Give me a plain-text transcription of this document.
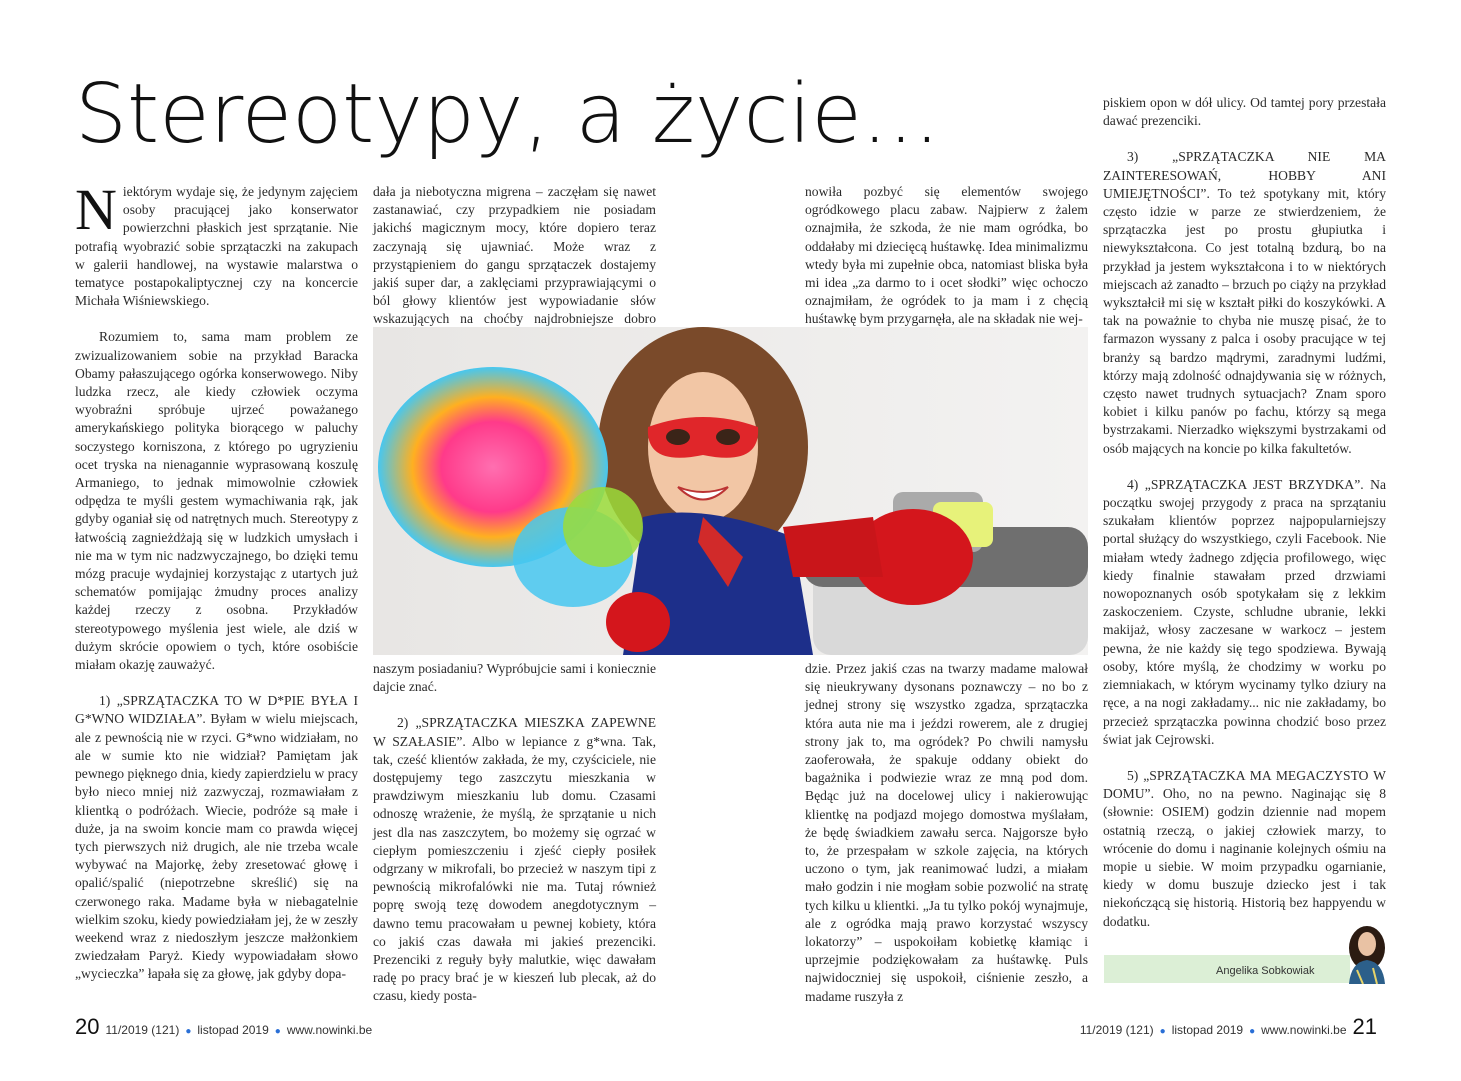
Stereotypy, a życie...

Niektórym wydaje się, że jedynym zajęciem osoby pracującej jako konserwator powierzchni płaskich jest sprzątanie. Nie potrafią wyobrazić sobie sprzątaczki na zakupach w galerii handlowej, na wystawie malarstwa o tematyce postapokaliptycznej czy na koncercie Michała Wiśniewskiego.

Rozumiem to, sama mam problem ze zwizualizowaniem sobie na przykład Baracka Obamy pałaszującego ogórka konserwowego. Niby ludzka rzecz, ale kiedy człowiek oczyma wyobraźni spróbuje ujrzeć poważanego amerykańskiego polityka biorącego w paluchy soczystego korniszona, z którego po ugryzieniu ocet tryska na nienagannie wyprasowaną koszulę Armaniego, to jednak mimowolnie człowiek odpędza te myśli gestem wymachiwania rąk, jak gdyby oganiał się od natrętnych much. Stereotypy z łatwością zagnieżdżają się w ludzkich umysłach i nie ma w tym nic nadzwyczajnego, bo dzięki temu mózg pracuje wydajniej korzystając z utartych już schematów pomijając żmudny proces analizy każdej rzeczy z osobna. Przykładów stereotypowego myślenia jest wiele, ale dziś w dużym skrócie opowiem o tych, które osobiście miałam okazję zauważyć.

1) „SPRZĄTACZKA TO W D*PIE BYŁA I G*WNO WIDZIAŁA”. Byłam w wielu miejscach, ale z pewnością nie w rzyci. G*wno widziałam, no ale w sumie kto nie widział? Pamiętam jak pewnego pięknego dnia, kiedy zapierdzielu w pracy było nieco mniej niż zazwyczaj, rozmawiałam z klientką o podróżach. Wiecie, podróże są małe i duże, ja na swoim koncie mam co prawda więcej tych pierwszych niż drugich, ale nie trzeba wcale wybywać na Majorkę, żeby zresetować głowę i opalić/spalić (niepotrzebne skreślić) się na czerwonego raka. Madame była w niebagatelnie wielkim szoku, kiedy powiedziałam jej, że w zeszły weekend wraz z niedoszłym jeszcze małżonkiem zwiedzałam Paryż. Kiedy wypowiadałam słowo „wycieczka” łapała się za głowę, jak gdyby dopa-

dała ja niebotyczna migrena – zaczęłam się nawet zastanawiać, czy przypadkiem nie posiadam jakichś magicznym mocy, które dopiero teraz zaczynają się ujawniać. Może wraz z przystąpieniem do gangu sprzątaczek dostajemy jakiś super dar, a zaklęciami przyprawiającymi o ból głowy klientów jest wypowiadanie słów wskazujących na choćby najdrobniejsze dobro

nowiła pozbyć się elementów swojego ogródkowego placu zabaw. Najpierw z żalem oznajmiła, że szkoda, że nie mam ogródka, bo oddałaby mi dziecięcą huśtawkę. Idea minimalizmu wtedy była mi zupełnie obca, natomiast bliska była mi idea „za darmo to i ocet słodki” więc ochoczo oznajmiłam, że ogródek to ja mam i z chęcią huśtawkę bym przygarnęła, ale na składak nie wej-

naszym posiadaniu? Wypróbujcie sami i koniecznie dajcie znać.

2) „SPRZĄTACZKA MIESZKA ZAPEWNE W SZAŁASIE”. Albo w lepiance z g*wna. Tak, tak, cześć klientów zakłada, że my, czyściciele, nie dostępujemy tego zaszczytu mieszkania w prawdziwym mieszkaniu lub domu. Czasami odnoszę wrażenie, że myślą, że sprzątanie u nich jest dla nas zaszczytem, bo możemy się ogrzać w ciepłym pomieszczeniu i zjeść ciepły posiłek odgrzany w mikrofali, bo przecież w naszym tipi z pewnością mikrofalówki nie ma. Tutaj również poprę swoją tezę dowodem anegdotycznym – dawno temu pracowałam u pewnej kobiety, która co jakiś czas dawała mi jakieś prezenciki. Prezenciki z reguły były malutkie, więc dawałam radę po pracy brać je w kieszeń lub plecak, aż do czasu, kiedy posta-

dzie. Przez jakiś czas na twarzy madame malował się nieukrywany dysonans poznawczy – no bo z jednej strony się wszystko zgadza, sprzątaczka która auta nie ma i jeździ rowerem, ale z drugiej strony jak to, ma ogródek? Po chwili namysłu zaoferowała, że spakuje oddany obiekt do bagażnika i podwiezie wraz ze mną pod dom. Będąc już na docelowej ulicy i nakierowując klientkę na podjazd mojego domostwa myślałam, że będę świadkiem zawału serca. Najgorsze było to, że przespałam w szkole zajęcia, na których uczono o tym, jak reanimować ludzi, a miałam mało godzin i nie mogłam sobie pozwolić na stratę tych kilku u klientki. „Ja tu tylko pokój wynajmuje, ale z ogródka mają prawo korzystać wszyscy lokatorzy” – uspokoiłam kobietkę kłamiąc i uprzejmie podziękowałam za huśtawkę. Puls najwidoczniej się uspokoił, ciśnienie zeszło, a madame ruszyła z

piskiem opon w dół ulicy. Od tamtej pory przestała dawać prezenciki.

3) „SPRZĄTACZKA NIE MA ZAINTERESOWAŃ, HOBBY ANI UMIEJĘTNOŚCI”. To też spotykany mit, który często idzie w parze ze stwierdzeniem, że sprzątaczka jest po prostu głupiutka i niewykształcona. Co jest totalną bzdurą, bo na przykład ja jestem wykształcona i to w niektórych miejscach aż zanadto – brzuch po ciąży na przykład wykształcił mi się w kształt piłki do koszykówki. A tak na poważnie to chyba nie muszę pisać, że to farmazon wyssany z palca i osoby pracujące w tej branży są bardzo mądrymi, zaradnymi ludźmi, którzy mają zdolność odnajdywania się w różnych, często nawet trudnych sytuacjach? Znam sporo kobiet i kilku panów po fachu, którzy są mega bystrzakami. Nierzadko większymi bystrzakami od osób mających na koncie po kilka fakultetów.

4) „SPRZĄTACZKA JEST BRZYDKA”. Na początku swojej przygody z praca na sprzątaniu szukałam klientów poprzez najpopularniejszy portal służący do wszystkiego, czyli Facebook. Nie miałam wtedy żadnego zdjęcia profilowego, więc kiedy finalnie stawałam przed drzwiami nowopoznanych osób spotykałam się z lekkim zaskoczeniem. Czyste, schludne ubranie, lekki makijaż, włosy zaczesane w warkocz – jestem pewna, że nie każdy się tego spodziewa. Bywają osoby, które myślą, że chodzimy w worku po ziemniakach, w którym wycinamy tylko dziury na ręce, a na nogi zakładamy... nic nie zakładamy, bo przecież sprzątaczka powinna chodzić boso przez świat jak Cejrowski.

5) „SPRZĄTACZKA MA MEGACZYSTO W DOMU”. Oho, no na pewno. Naginając się 8 (słownie: OSIEM) godzin dziennie nad mopem ostatnią rzeczą, o jakiej człowiek marzy, to wrócenie do domu i naginanie kolejnych ośmiu na mopie u siebie. W moim przypadku ogarnianie, kiedy w domu buszuje dziecko jest i tak niekończącą się historią. Historią bez happyendu w dodatku.

Angelika Sobkowiak
20 11/2019 (121) ● listopad 2019 ● www.nowinki.be	11/2019 (121) ● listopad 2019 ● www.nowinki.be 21
